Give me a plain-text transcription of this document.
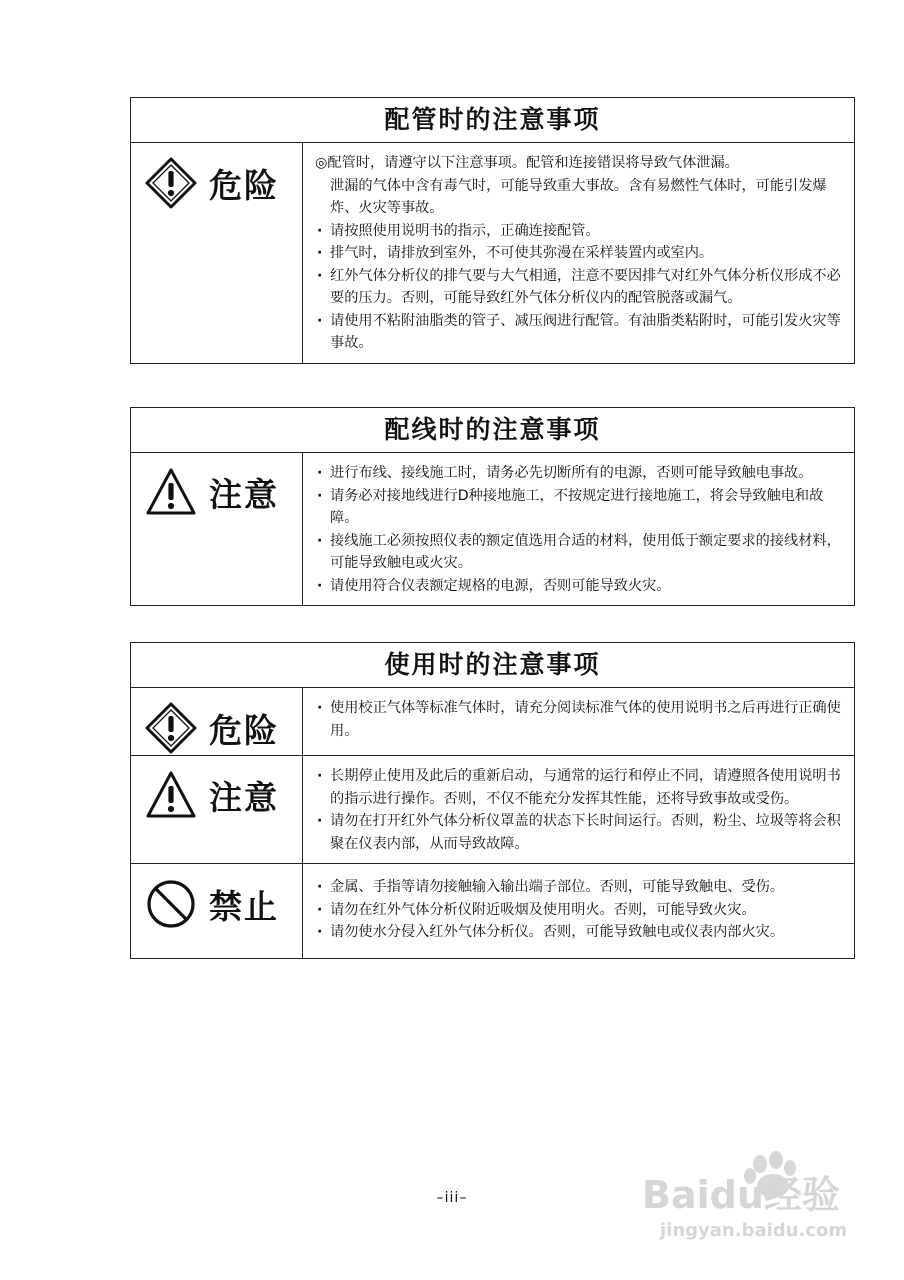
配管时的注意事项
危险
◎配管时，请遵守以下注意事项。配管和连接错误将导致气体泄漏。
泄漏的气体中含有毒气时，可能导致重大事故。含有易燃性气体时，可能引发爆炸、火灾等事故。
· 请按照使用说明书的指示，正确连接配管。
· 排气时，请排放到室外，不可使其弥漫在采样装置内或室内。
· 红外气体分析仪的排气要与大气相通，注意不要因排气对红外气体分析仪形成不必要的压力。否则，可能导致红外气体分析仪内的配管脱落或漏气。
· 请使用不粘附油脂类的管子、减压阀进行配管。有油脂类粘附时，可能引发火灾等事故。
配线时的注意事项
注意
· 进行布线、接线施工时，请务必先切断所有的电源，否则可能导致触电事故。
· 请务必对接地线进行D种接地施工，不按规定进行接地施工，将会导致触电和故障。
· 接线施工必须按照仪表的额定值选用合适的材料，使用低于额定要求的接线材料，可能导致触电或火灾。
· 请使用符合仪表额定规格的电源，否则可能导致火灾。
使用时的注意事项
危险
· 使用校正气体等标准气体时，请充分阅读标准气体的使用说明书之后再进行正确使用。
注意
· 长期停止使用及此后的重新启动，与通常的运行和停止不同，请遵照各使用说明书的指示进行操作。否则，不仅不能充分发挥其性能，还将导致事故或受伤。
· 请勿在打开红外气体分析仪罩盖的状态下长时间运行。否则，粉尘、垃圾等将会积聚在仪表内部，从而导致故障。
禁止
·	金属、手指等请勿接触输入输出端子部位。否则，可能导致触电、受伤。
· 请勿在红外气体分析仪附近吸烟及使用明火。否则，可能导致火灾。
· 请勿使水分侵入红外气体分析仪。否则，可能导致触电或仪表内部火灾。
–iii–	Baidu经验
jingyan.baidu.com
